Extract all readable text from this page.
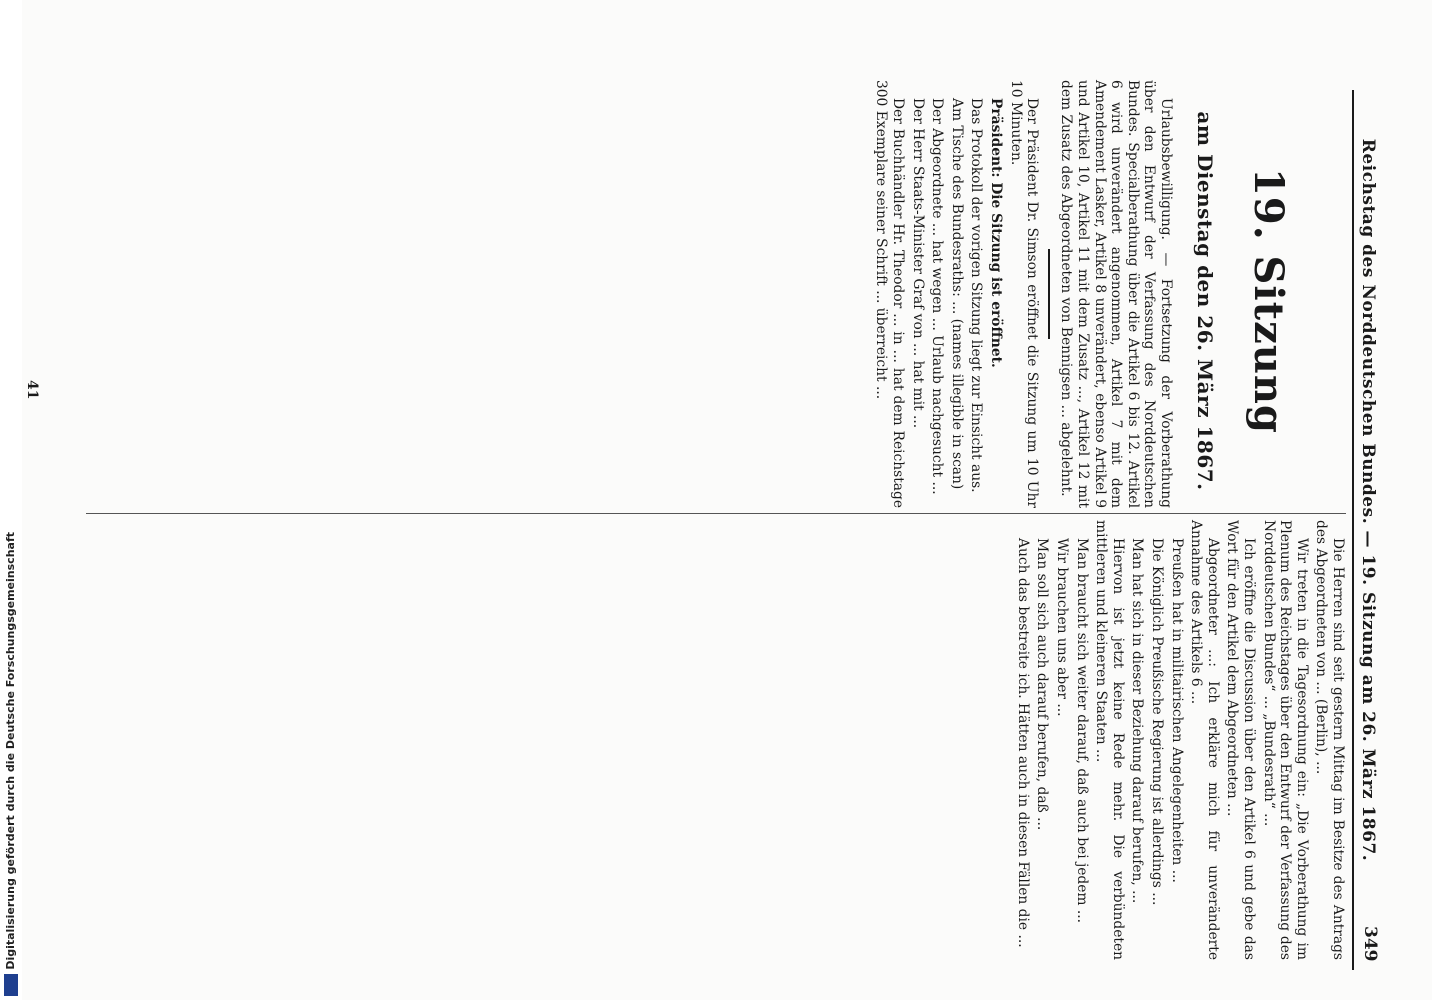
Reichstag des Norddeutschen Bundes. — 19. Sitzung am 26. März 1867.
349
19. Sitzung
am Dienstag den 26. März 1867.

Urlaubsbewilligung. — Fortsetzung der Vorberathung über den Entwurf der Verfassung des Norddeutschen Bundes. Specialberathung über die Artikel 6 bis 12. Artikel 6 wird unverändert angenommen, Artikel 7 mit dem Amendement Lasker, Artikel 8 unverändert, ebenso Artikel 9 und Artikel 10, Artikel 11 mit dem Zusatz ..., Artikel 12 mit dem Zusatz des Abgeordneten von Bennigsen ... abgelehnt.

Der Präsident Dr. Simson eröffnet die Sitzung um 10 Uhr 10 Minuten.

Präsident: Die Sitzung ist eröffnet.

Das Protokoll der vorigen Sitzung liegt zur Einsicht aus.

Am Tische des Bundesraths: ... (names illegible in scan)

Der Abgeordnete ... hat wegen ... Urlaub nachgesucht ...

Der Herr Staats-Minister Graf von ... hat mit ...

Der Buchhändler Hr. Theodor ... in ... hat dem Reichstage 300 Exemplare seiner Schrift ... überreicht ...

Die Herren sind seit gestern Mittag im Besitze des Antrags des Abgeordneten von ... (Berlin), ...

Wir treten in die Tagesordnung ein: „Die Vorberathung im Plenum des Reichstages über den Entwurf der Verfassung des Norddeutschen Bundes“ ... „Bundesrath“ ...

Ich eröffne die Discussion über den Artikel 6 und gebe das Wort für den Artikel dem Abgeordneten ...

Abgeordneter ...: Ich erkläre mich für unveränderte Annahme des Artikels 6 ...

Preußen hat in militairischen Angelegenheiten ...

Die Königlich Preußische Regierung ist allerdings ...

Man hat sich in dieser Beziehung darauf berufen, ...

Hiervon ist jetzt keine Rede mehr. Die verbündeten mittleren und kleineren Staaten ...

Man braucht sich weiter darauf, daß auch bei jedem ...

Wir brauchen uns aber ...

Man soll sich auch darauf berufen, daß ...

Auch das bestreite ich. Hätten auch in diesen Fällen die ...

41
Digitalisierung gefördert durch die Deutsche Forschungsgemeinschaft
